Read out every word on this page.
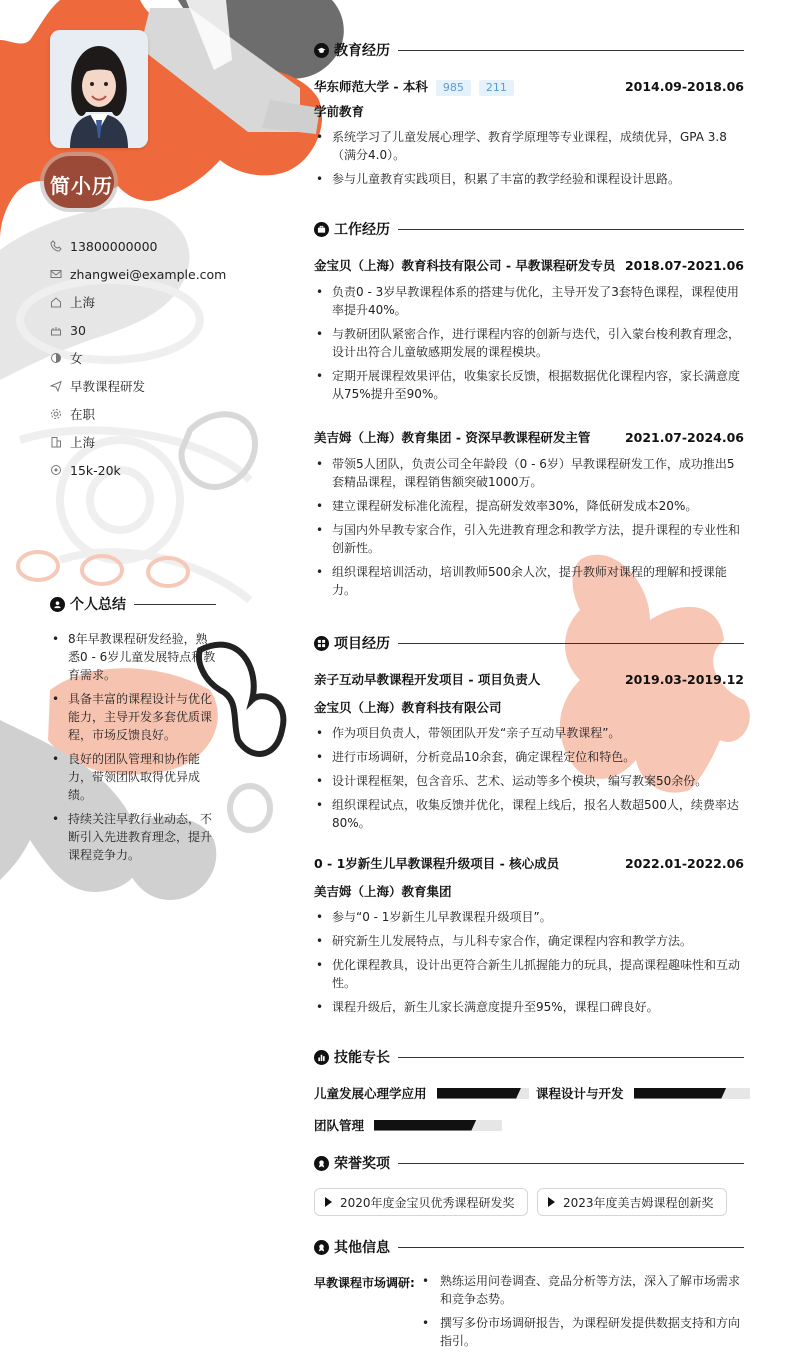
简小历
13800000000
zhangwei@example.com
上海
30
女
早教课程研发
在职
上海
15k-20k
个人总结
• 8年早教课程研发经验，熟悉0 - 6岁儿童发展特点和教育需求。
• 具备丰富的课程设计与优化能力，主导开发多套优质课程，市场反馈良好。
• 良好的团队管理和协作能力，带领团队取得优异成绩。
• 持续关注早教行业动态，不断引入先进教育理念，提升课程竞争力。
教育经历
华东师范大学 - 本科 985 211	2014.09-2018.06
学前教育
• 系统学习了儿童发展心理学、教育学原理等专业课程，成绩优异，GPA 3.8（满分4.0）。
• 参与儿童教育实践项目，积累了丰富的教学经验和课程设计思路。
工作经历
金宝贝（上海）教育科技有限公司 - 早教课程研发专员 2018.07-2021.06
• 负责0 - 3岁早教课程体系的搭建与优化，主导开发了3套特色课程，课程使用率提升40%。
• 与教研团队紧密合作，进行课程内容的创新与迭代，引入蒙台梭利教育理念，设计出符合儿童敏感期发展的课程模块。
• 定期开展课程效果评估，收集家长反馈，根据数据优化课程内容，家长满意度从75%提升至90%。
美吉姆（上海）教育集团 - 资深早教课程研发主管	2021.07-2024.06
• 带领5人团队，负责公司全年龄段（0 - 6岁）早教课程研发工作，成功推出5套精品课程，课程销售额突破1000万。
• 建立课程研发标准化流程，提高研发效率30%，降低研发成本20%。
• 与国内外早教专家合作，引入先进教育理念和教学方法，提升课程的专业性和创新性。
• 组织课程培训活动，培训教师500余人次，提升教师对课程的理解和授课能力。
项目经历
亲子互动早教课程开发项目 - 项目负责人	2019.03-2019.12
金宝贝（上海）教育科技有限公司
• 作为项目负责人，带领团队开发“亲子互动早教课程”。
• 进行市场调研，分析竞品10余套，确定课程定位和特色。
• 设计课程框架，包含音乐、艺术、运动等多个模块，编写教案50余份。
• 组织课程试点，收集反馈并优化，课程上线后，报名人数超500人，续费率达80%。
0 - 1岁新生儿早教课程升级项目 - 核心成员	2022.01-2022.06
美吉姆（上海）教育集团
• 参与“0 - 1岁新生儿早教课程升级项目”。
• 研究新生儿发展特点，与儿科专家合作，确定课程内容和教学方法。
• 优化课程教具，设计出更符合新生儿抓握能力的玩具，提高课程趣味性和互动性。
• 课程升级后，新生儿家长满意度提升至95%，课程口碑良好。
技能专长
儿童发展心理学应用	课程设计与开发
团队管理
荣誉奖项
2020年度金宝贝优秀课程研发奖	2023年度美吉姆课程创新奖
其他信息
早教课程市场调研:
•	熟练运用问卷调查、竞品分析等方法，深入了解市场需求和竞争态势。
• 撰写多份市场调研报告，为课程研发提供数据支持和方向指引。
